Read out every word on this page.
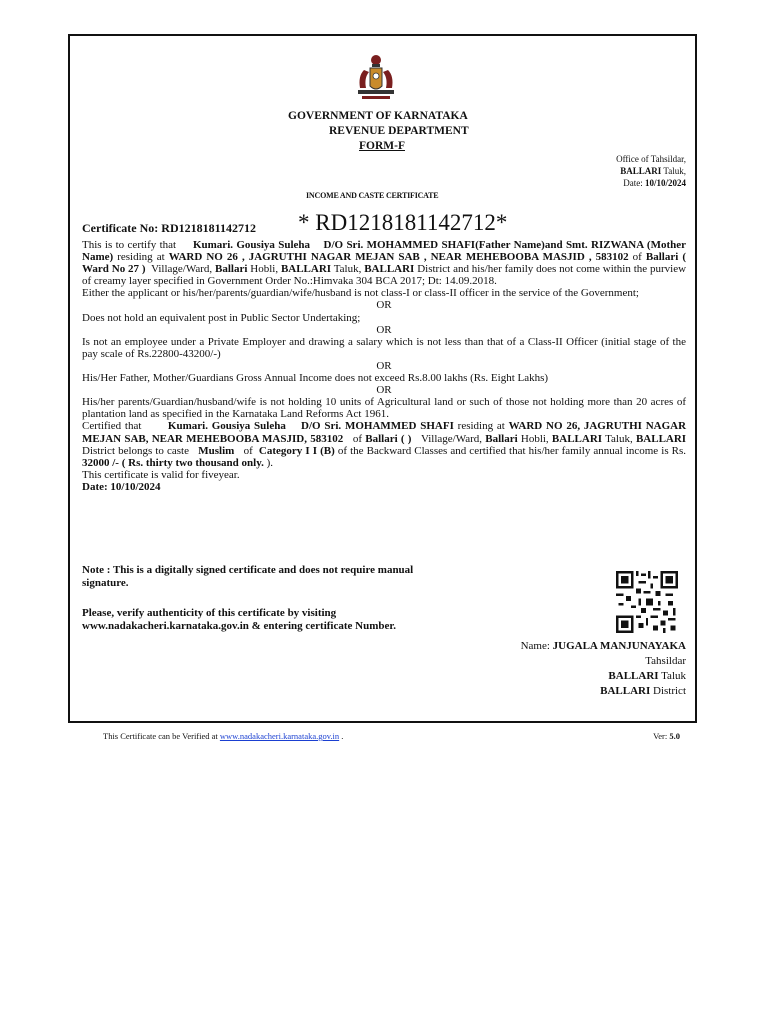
GOVERNMENT OF KARNATAKA
REVENUE DEPARTMENT
FORM-F
Office of Tahsildar,
BALLARI Taluk,
Date: 10/10/2024
INCOME AND CASTE CERTIFICATE
Certificate No: RD1218181142712 * RD1218181142712*

This is to certify that Kumari. Gousiya Suleha D/O Sri. MOHAMMED SHAFI(Father Name)and Smt. RIZWANA (Mother Name) residing at WARD NO 26 , JAGRUTHI NAGAR MEJAN SAB , NEAR MEHEBOOBA MASJID , 583102 of Ballari ( Ward No 27 ) Village/Ward, Ballari Hobli, BALLARI Taluk, BALLARI District and his/her family does not come within the purview of creamy layer specified in Government Order No.:Himvaka 304 BCA 2017; Dt: 14.09.2018.

Either the applicant or his/her/parents/guardian/wife/husband is not class-I or class-II officer in the service of the Government;

OR

Does not hold an equivalent post in Public Sector Undertaking;

OR

Is not an employee under a Private Employer and drawing a salary which is not less than that of a Class-II Officer (initial stage of the pay scale of Rs.22800-43200/-)

OR

His/Her Father, Mother/Guardians Gross Annual Income does not exceed Rs.8.00 lakhs (Rs. Eight Lakhs)

OR

His/her parents/Guardian/husband/wife is not holding 10 units of Agricultural land or such of those not holding more than 20 acres of plantation land as specified in the Karnataka Land Reforms Act 1961.

Certified that Kumari. Gousiya Suleha D/O Sri. MOHAMMED SHAFI residing at WARD NO 26, JAGRUTHI NAGAR MEJAN SAB, NEAR MEHEBOOBA MASJID, 583102 of Ballari ( ) Village/Ward, Ballari Hobli, BALLARI Taluk, BALLARI District belongs to caste Muslim of Category I I (B) of the Backward Classes and certified that his/her family annual income is Rs. 32000 /- ( Rs. thirty two thousand only. ).

This certificate is valid for fiveyear.

Date: 10/10/2024

Note : This is a digitally signed certificate and does not require manual signature.
Please, verify authenticity of this certificate by visiting www.nadakacheri.karnataka.gov.in & entering certificate Number.
Name: JUGALA MANJUNAYAKA
Tahsildar
BALLARI Taluk
BALLARI District
This Certificate can be Verified at www.nadakacheri.karnataka.gov.in .	Ver: 5.0
